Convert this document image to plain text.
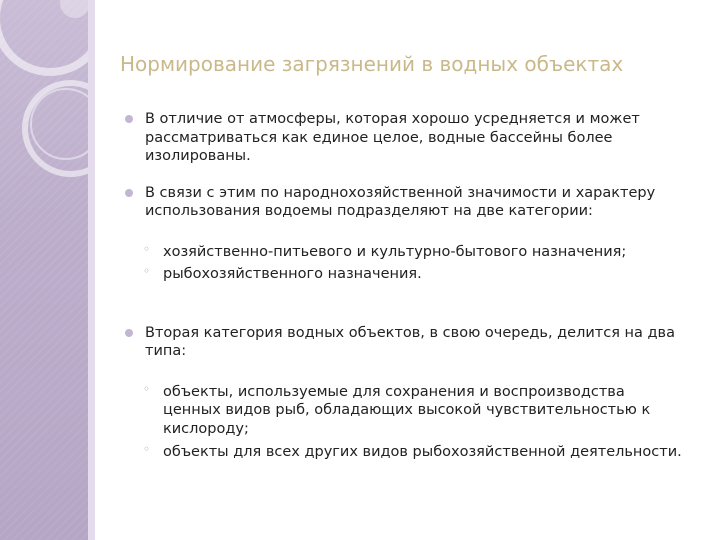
Нормирование загрязнений в водных объектах
В отличие от атмосферы, которая хорошо усредняется и может рассматриваться как единое целое, водные бассейны более изолированы.
В связи с этим по народнохозяйственной значимости и характеру использования водоемы подразделяют на две категории:
◦ хозяйственно-питьевого и культурно-бытового назначения;
◦ рыбохозяйственного назначения.
Вторая категория водных объектов, в свою очередь, делится на два типа:
◦ объекты, используемые для сохранения и воспроизводства ценных видов рыб, обладающих высокой чувствительностью к кислороду;
◦ объекты для всех других видов рыбохозяйственной деятельности.
